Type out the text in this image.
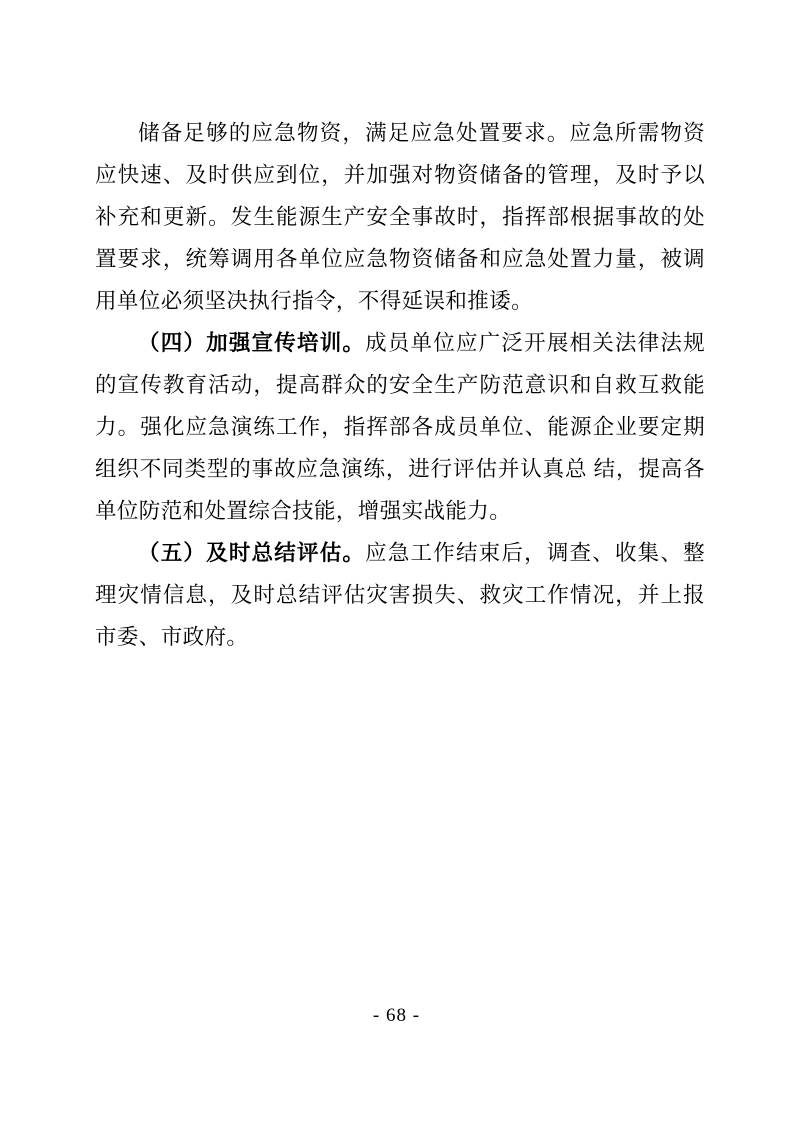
储备足够的应急物资，满足应急处置要求。应急所需物资应快速、及时供应到位，并加强对物资储备的管理，及时予以补充和更新。发生能源生产安全事故时，指挥部根据事故的处置要求，统筹调用各单位应急物资储备和应急处置力量，被调用单位必须坚决执行指令，不得延误和推诿。

（四）加强宣传培训。成员单位应广泛开展相关法律法规的宣传教育活动，提高群众的安全生产防范意识和自救互救能力。强化应急演练工作，指挥部各成员单位、能源企业要定期组织不同类型的事故应急演练，进行评估并认真总 结，提高各单位防范和处置综合技能，增强实战能力。

（五）及时总结评估。应急工作结束后，调查、收集、整理灾情信息，及时总结评估灾害损失、救灾工作情况，并上报市委、市政府。

- 68 -
